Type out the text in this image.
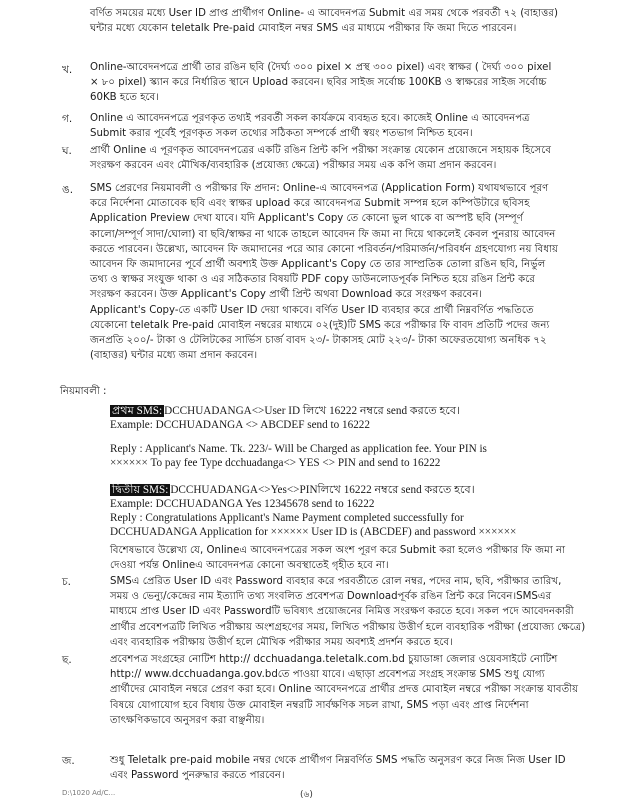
বর্ণিত সময়ের মধ্যে User ID প্রাপ্ত প্রার্থীগণ Online- এ আবেদনপত্র Submit এর সময় থেকে পরবর্তী ৭২ (বাহাত্তর)
ঘন্টার মধ্যে যেকোন teletalk Pre-paid মোবাইল নম্বর SMS এর মাধ্যমে পরীক্ষার ফি জমা দিতে পারবেন।
খ. Online-আবেদনপত্রে প্রার্থী তার রঙিন ছবি (দৈর্ঘ্য ৩০০ pixel × প্রস্থ ৩০০ pixel) এবং স্বাক্ষর ( দৈর্ঘ্য ৩০০ pixel
× ৮০ pixel) স্ক্যান করে নির্ধারিত স্থানে Upload করবেন। ছবির সাইজ সর্বোচ্চ 100KB ও স্বাক্ষরের সাইজ সর্বোচ্চ
60KB হতে হবে।
গ. Online এ আবেদনপত্রে পূরণকৃত তথ্যই পরবর্তী সকল কার্যক্রমে ব্যবহৃত হবে। কাজেই Online এ আবেদনপত্র
Submit করার পূর্বেই পূরণকৃত সকল তথ্যের সঠিকতা সম্পর্কে প্রার্থী স্বয়ং শতভাগ নিশ্চিত হবেন।
ঘ. প্রার্থী Online এ পূরণকৃত আবেদনপত্রের একটি রঙিন প্রিন্ট কপি পরীক্ষা সংক্রান্ত যেকোন প্রয়োজনে সহায়ক হিসেবে
সংরক্ষণ করবেন এবং মৌখিক/ব্যবহারিক (প্রযোজ্য ক্ষেত্রে) পরীক্ষার সময় এক কপি জমা প্রদান করবেন।
ঙ. SMS প্রেরণের নিয়মাবলী ও পরীক্ষার ফি প্রদান: Online-এ আবেদনপত্র (Application Form) যথাযথভাবে পূরণ
করে নির্দেশনা মোতাবেক ছবি এবং স্বাক্ষর upload করে আবেদনপত্র Submit সম্পন্ন হলে কম্পিউটারে ছবিসহ
Application Preview দেখা যাবে। যদি Applicant's Copy তে কোনো ভুল থাকে বা অস্পষ্ট ছবি (সম্পূর্ণ
কালো/সম্পূর্ণ সাদা/ঘোলা) বা ছবি/স্বাক্ষর না থাকে তাহলে আবেদন ফি জমা না দিয়ে থাকলেই কেবল পুনরায় আবেদন
করতে পারবেন। উল্লেখ্য, আবেদন ফি জমাদানের পরে আর কোনো পরিবর্তন/পরিমার্জন/পরিবর্ধন গ্রহণযোগ্য নয় বিধায়
আবেদন ফি জমাদানের পূর্বে প্রার্থী অবশ্যই উক্ত Applicant's Copy তে তার সাম্প্রতিক তোলা রঙিন ছবি, নির্ভুল
তথ্য ও স্বাক্ষর সংযুক্ত থাকা ও এর সঠিকতার বিষয়টি PDF copy ডাউনলোডপূর্বক নিশ্চিত হয়ে রঙিন প্রিন্ট করে
সংরক্ষণ করবেন। উক্ত Applicant's Copy প্রার্থী প্রিন্ট অথবা Download করে সংরক্ষণ করবেন।
Applicant's Copy-তে একটি User ID দেয়া থাকবে। বর্ণিত User ID ব্যবহার করে প্রার্থী নিম্নবর্ণিত পদ্ধতিতে
যেকোনো teletalk Pre-paid মোবাইল নম্বরের মাধ্যমে ০২(দুই)টি SMS করে পরীক্ষার ফি বাবদ প্রতিটি পদের জন্য
জনপ্রতি ২০০/- টাকা ও টেলিটকের সার্ভিস চার্জ বাবদ ২৩/- টাকাসহ মোট ২২৩/- টাকা অফেরতযোগ্য অনধিক ৭২
(বাহাত্তর) ঘন্টার মধ্যে জমা প্রদান করবেন।
নিয়মাবলী :
প্রথম SMS: DCCHUADANGA<>User ID লিখে 16222 নম্বরে send করতে হবে।
Example: DCCHUADANGA <> ABCDEF send to 16222
Reply : Applicant's Name. Tk. 223/- Will be Charged as application fee. Your PIN is
×××××× To pay fee Type dcchuadanga<> YES <> PIN and send to 16222
দ্বিতীয় SMS: DCCHUADANGA<>Yes<>PINলিখে 16222 নম্বরে send করতে হবে।
Example: DCCHUADANGA Yes 12345678 send to 16222
Reply : Congratulations Applicant's Name Payment completed successfully for
DCCHUADANGA Application for ×××××× User ID is (ABCDEF) and password ××××××
বিশেষভাবে উল্লেখ্য যে, Onlineএ আবেদনপত্রের সকল অংশ পূরণ করে Submit করা হলেও পরীক্ষার ফি জমা না
দেওয়া পর্যন্ত Onlineএ আবেদনপত্র কোনো অবস্থাতেই গৃহীত হবে না।
চ.	SMSএ প্রেরিত User ID এবং Password ব্যবহার করে পরবর্তীতে রোল নম্বর, পদের নাম, ছবি, পরীক্ষার তারিখ,
সময় ও ভেন্যু/কেন্দ্রের নাম ইত্যাদি তথ্য সংবলিত প্রবেশপত্র Downloadপূর্বক রঙিন প্রিন্ট করে নিবেন।SMSএর
মাধ্যমে প্রাপ্ত User ID এবং Passwordটি ভবিষ্যৎ প্রয়োজনের নিমিত্ত সংরক্ষণ করতে হবে। সকল পদে আবেদনকারী
প্রার্থীর প্রবেশপত্রটি লিখিত পরীক্ষায় অংশগ্রহণের সময়, লিখিত পরীক্ষায় উত্তীর্ণ হলে ব্যবহারিক পরীক্ষা (প্রযোজ্য ক্ষেত্রে)
এবং ব্যবহারিক পরীক্ষায় উত্তীর্ণ হলে মৌখিক পরীক্ষার সময় অবশ্যই প্রদর্শন করতে হবে।
ছ.	প্রবেশপত্র সংগ্রহের নোটিশ http:// dcchuadanga.teletalk.com.bd চুয়াডাঙ্গা জেলার ওয়েবসাইটে নোটিশ
http:// www.dcchuadanga.gov.bdতে পাওয়া যাবে। এছাড়া প্রবেশপত্র সংগ্রহ সংক্রান্ত SMS শুধু যোগ্য
প্রার্থীদের মোবাইল নম্বরে প্রেরণ করা হবে। Online আবেদনপত্রে প্রার্থীর প্রদত্ত মোবাইল নম্বরে পরীক্ষা সংক্রান্ত যাবতীয়
বিষয়ে যোগাযোগ হবে বিধায় উক্ত মোবাইল নম্বরটি সার্বক্ষণিক সচল রাখা, SMS পড়া এবং প্রাপ্ত নির্দেশনা
তাৎক্ষণিকভাবে অনুসরণ করা বাঞ্ছনীয়।
জ.	শুধু Teletalk pre-paid mobile নম্বর থেকে প্রার্থীগণ নিম্নবর্ণিত SMS পদ্ধতি অনুসরণ করে নিজ নিজ User ID
এবং Password পুনরুদ্ধার করতে পারবেন।
D:\1020 Ad/C...	(৬)
